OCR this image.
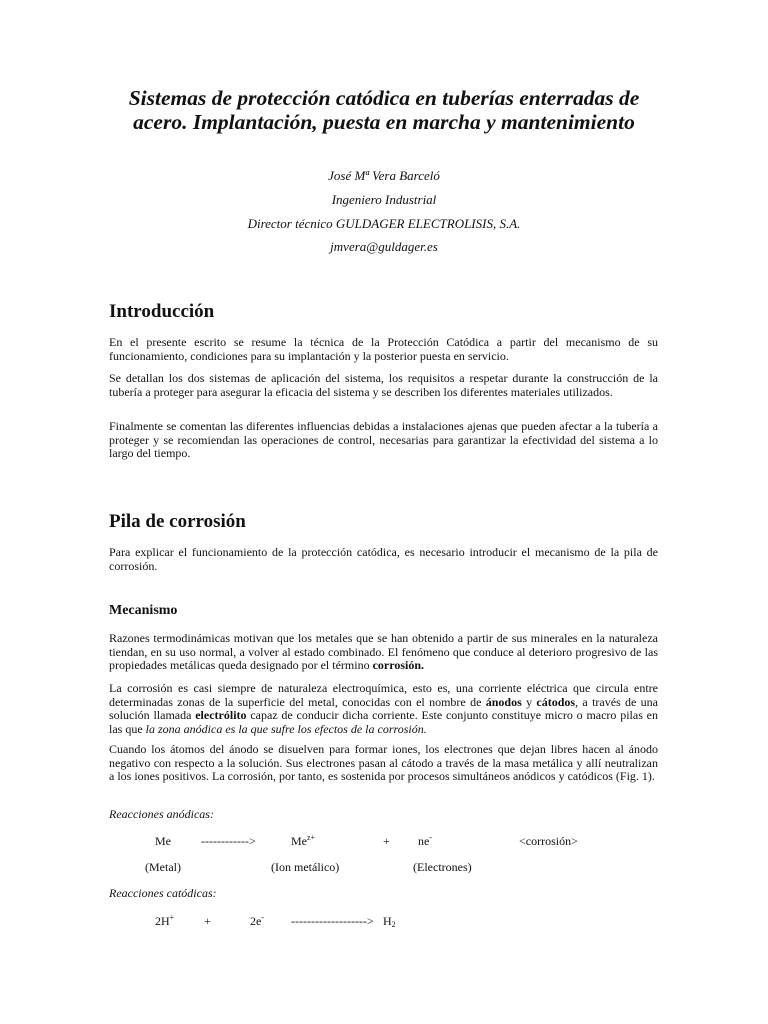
Sistemas de protección catódica en tuberías enterradas de acero. Implantación, puesta en marcha y mantenimiento
José Mª Vera Barceló
Ingeniero Industrial
Director técnico GULDAGER ELECTROLISIS, S.A.
jmvera@guldager.es
Introducción

En el presente escrito se resume la técnica de la Protección Catódica a partir del mecanismo de su funcionamiento, condiciones para su implantación y la posterior puesta en servicio.

Se detallan los dos sistemas de aplicación del sistema, los requisitos a respetar durante la construcción de la tubería a proteger para asegurar la eficacia del sistema y se describen los diferentes materiales utilizados.

Finalmente se comentan las diferentes influencias debidas a instalaciones ajenas que pueden afectar a la tubería a proteger y se recomiendan las operaciones de control, necesarias para garantizar la efectividad del sistema a lo largo del tiempo.

Pila de corrosión

Para explicar el funcionamiento de la protección catódica, es necesario introducir el mecanismo de la pila de corrosión.

Mecanismo

Razones termodinámicas motivan que los metales que se han obtenido a partir de sus minerales en la naturaleza tiendan, en su uso normal, a volver al estado combinado. El fenómeno que conduce al deterioro progresivo de las propiedades metálicas queda designado por el término corrosión.

La corrosión es casi siempre de naturaleza electroquímica, esto es, una corriente eléctrica que circula entre determinadas zonas de la superficie del metal, conocidas con el nombre de ánodos y cátodos, a través de una solución llamada electrólito capaz de conducir dicha corriente. Este conjunto constituye micro o macro pilas en las que la zona anódica es la que sufre los efectos de la corrosión.

Cuando los átomos del ánodo se disuelven para formar iones, los electrones que dejan libres hacen al ánodo negativo con respecto a la solución. Sus electrones pasan al cátodo a través de la masa metálica y allí neutralizan a los iones positivos. La corrosión, por tanto, es sostenida por procesos simultáneos anódicos y catódicos (Fig. 1).

Reacciones anódicas:
Me	------------>	$Me^{z+}$	+ ne-	<corrosión>
(Metal)	(Ion metálico)	(Electrones)
Reacciones catódicas:
2H+ +	2e- -------------------> $H_2$
